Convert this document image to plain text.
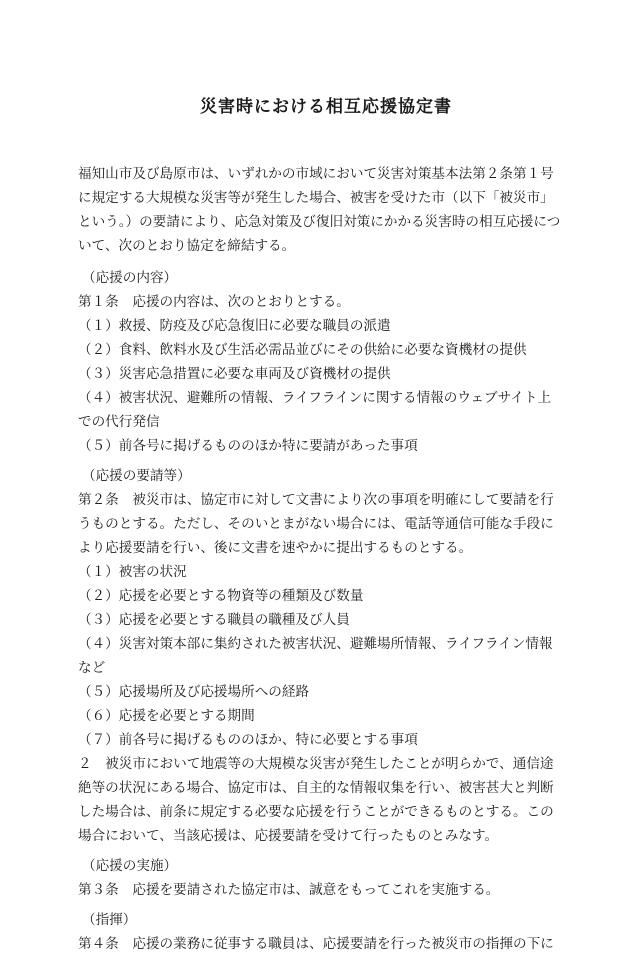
災害時における相互応援協定書
福知山市及び島原市は、いずれかの市域において災害対策基本法第２条第１号
に規定する大規模な災害等が発生した場合、被害を受けた市（以下「被災市」
という。）の要請により、応急対策及び復旧対策にかかる災害時の相互応援につ
いて、次のとおり協定を締結する。
（応援の内容）
第１条　応援の内容は、次のとおりとする。
（１）救援、防疫及び応急復旧に必要な職員の派遣
（２）食料、飲料水及び生活必需品並びにその供給に必要な資機材の提供
（３）災害応急措置に必要な車両及び資機材の提供
（４）被害状況、避難所の情報、ライフラインに関する情報のウェブサイト上
での代行発信
（５）前各号に掲げるもののほか特に要請があった事項
（応援の要請等）
第２条　被災市は、協定市に対して文書により次の事項を明確にして要請を行
うものとする。ただし、そのいとまがない場合には、電話等通信可能な手段に
より応援要請を行い、後に文書を速やかに提出するものとする。
（１）被害の状況
（２）応援を必要とする物資等の種類及び数量
（３）応援を必要とする職員の職種及び人員
（４）災害対策本部に集約された被害状況、避難場所情報、ライフライン情報
など
（５）応援場所及び応援場所への経路
（６）応援を必要とする期間
（７）前各号に掲げるもののほか、特に必要とする事項
２　被災市において地震等の大規模な災害が発生したことが明らかで、通信途
絶等の状況にある場合、協定市は、自主的な情報収集を行い、被害甚大と判断
した場合は、前条に規定する必要な応援を行うことができるものとする。この
場合において、当該応援は、応援要請を受けて行ったものとみなす。
（応援の実施）
第３条　応援を要請された協定市は、誠意をもってこれを実施する。
（指揮）
第４条　応援の業務に従事する職員は、応援要請を行った被災市の指揮の下に
